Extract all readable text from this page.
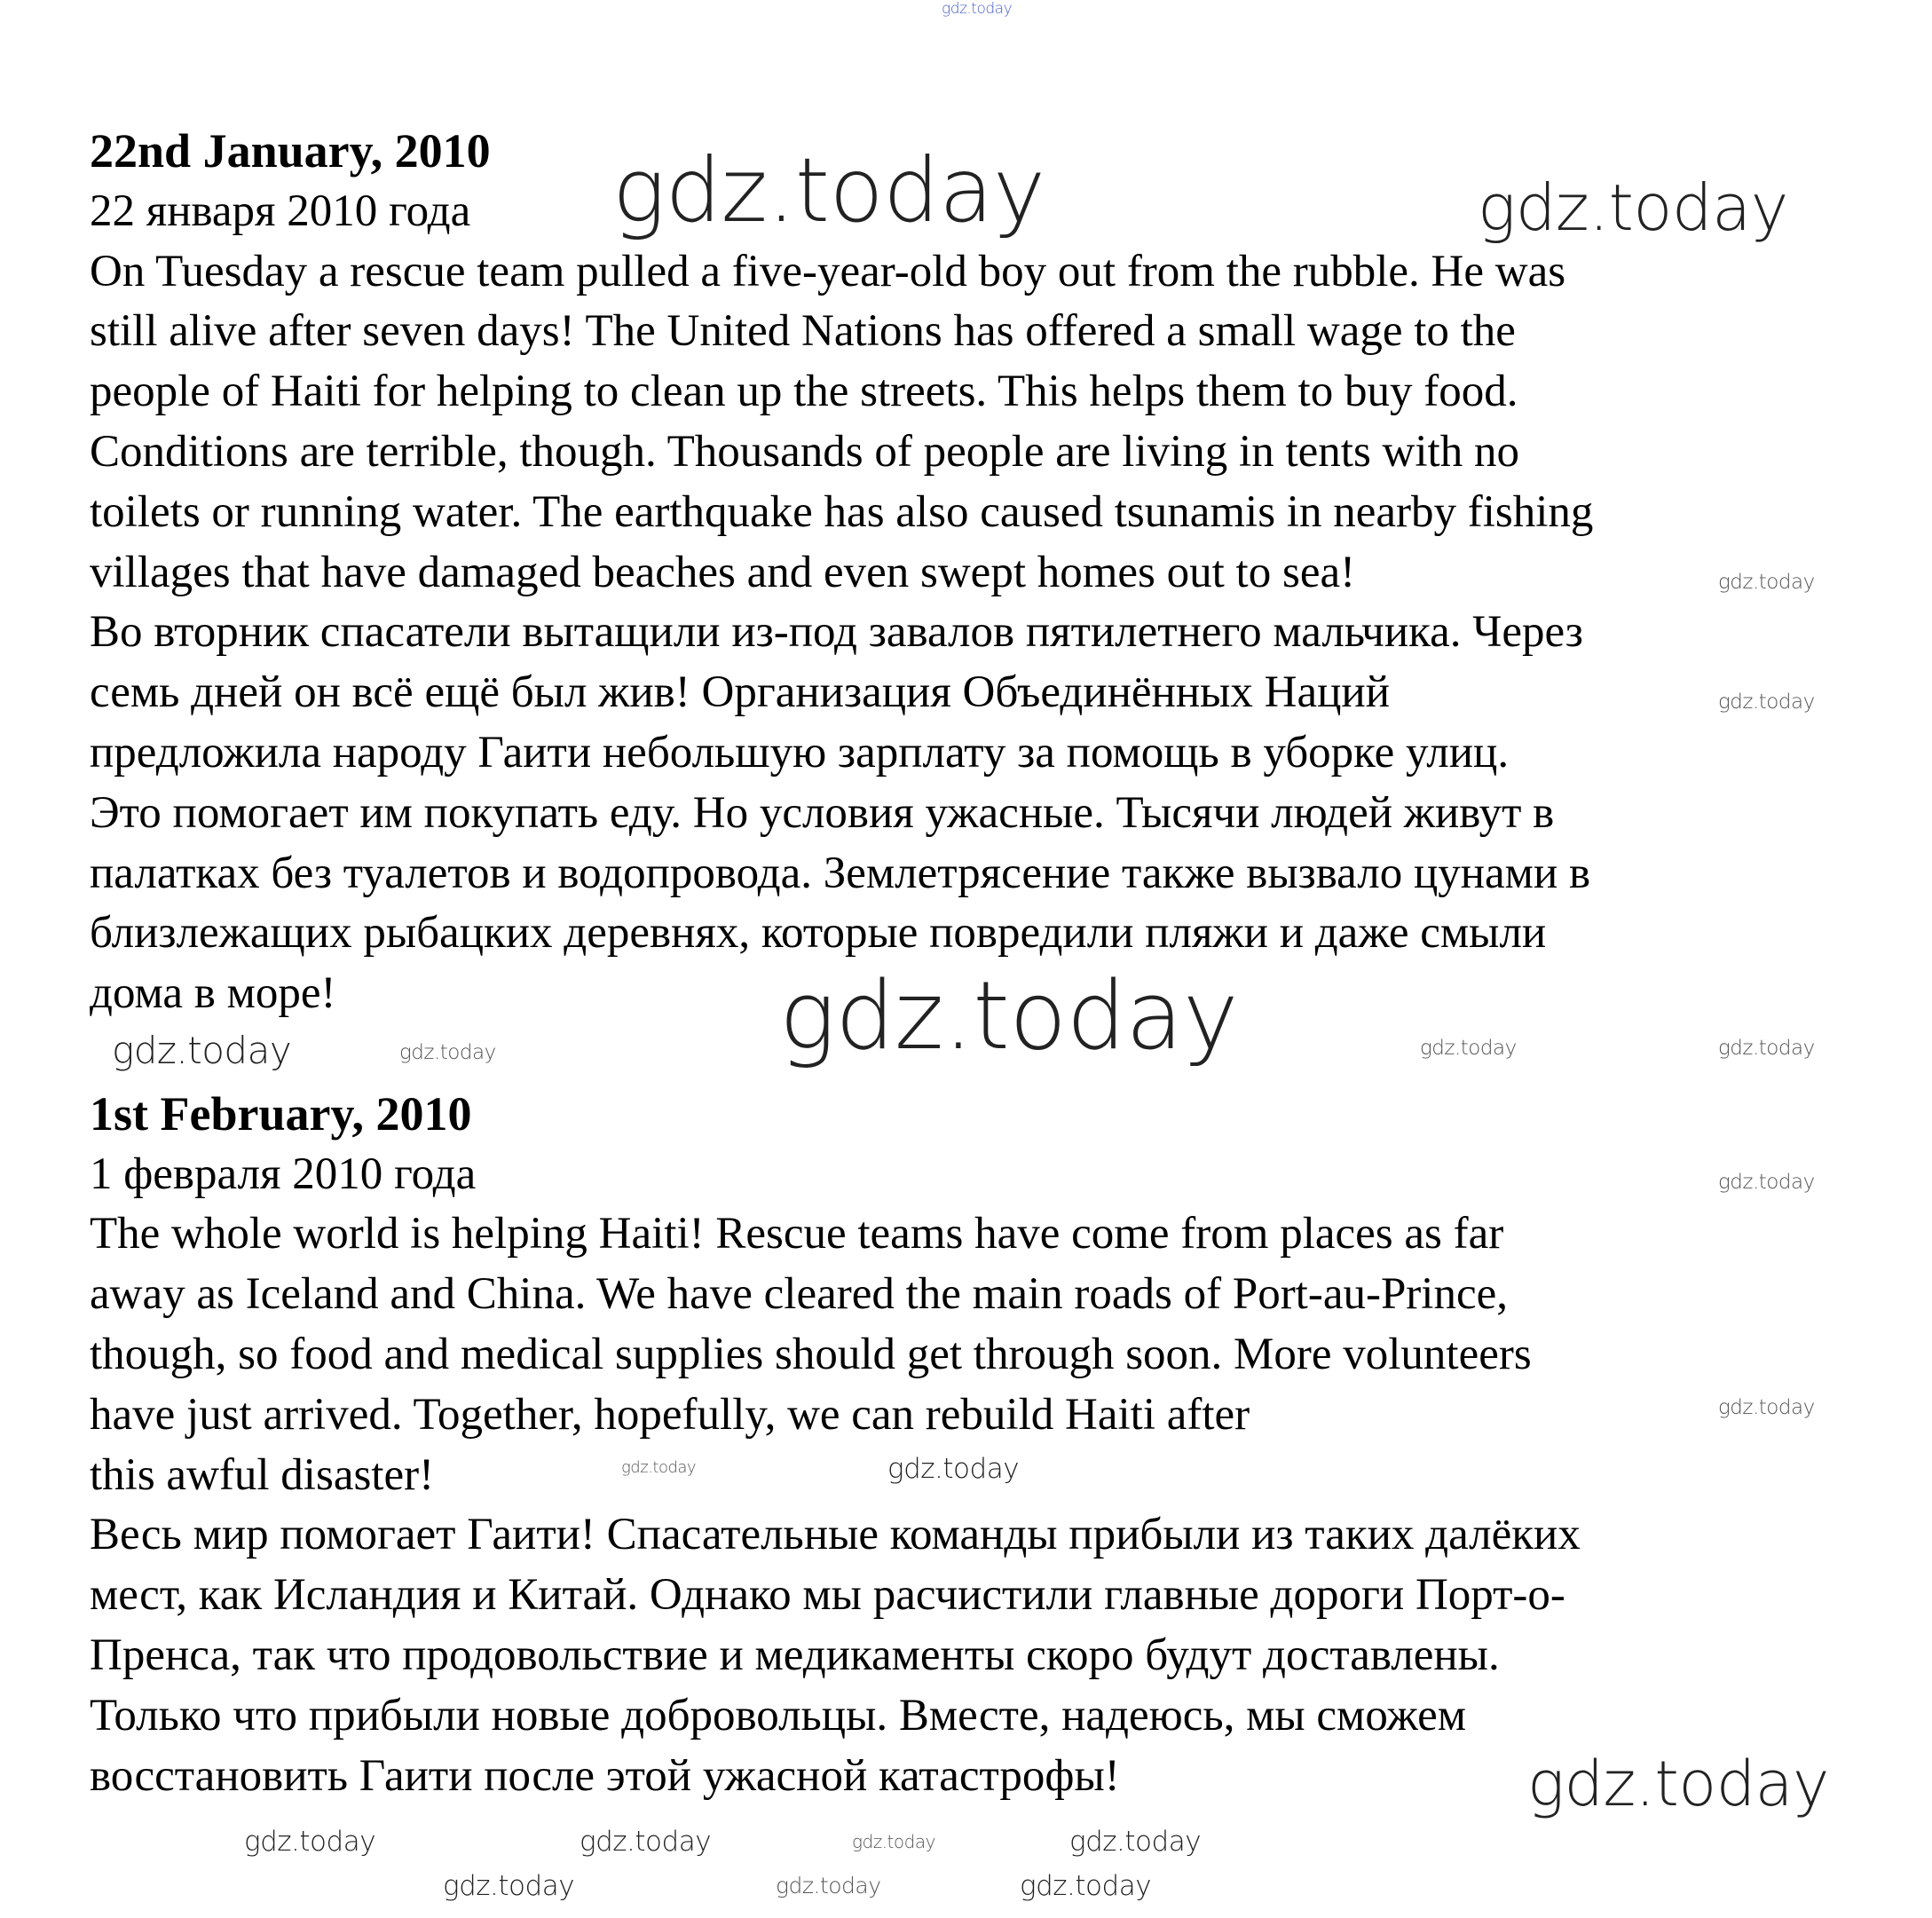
22nd January, 2010
22 января 2010 года
On Tuesday a rescue team pulled a five-year-old boy out from the rubble. He was
still alive after seven days! The United Nations has offered a small wage to the
people of Haiti for helping to clean up the streets. This helps them to buy food.
Conditions are terrible, though. Thousands of people are living in tents with no
toilets or running water. The earthquake has also caused tsunamis in nearby fishing
villages that have damaged beaches and even swept homes out to sea!
Во вторник спасатели вытащили из-под завалов пятилетнего мальчика. Через
семь дней он всё ещё был жив! Организация Объединённых Наций
предложила народу Гаити небольшую зарплату за помощь в уборке улиц.
Это помогает им покупать еду. Но условия ужасные. Тысячи людей живут в
палатках без туалетов и водопровода. Землетрясение также вызвало цунами в
близлежащих рыбацких деревнях, которые повредили пляжи и даже смыли
дома в море!
1st February, 2010
1 февраля 2010 года
The whole world is helping Haiti! Rescue teams have come from places as far
away as Iceland and China. We have cleared the main roads of Port-au-Prince,
though, so food and medical supplies should get through soon. More volunteers
have just arrived. Together, hopefully, we can rebuild Haiti after
this awful disaster!
Весь мир помогает Гаити! Спасательные команды прибыли из таких далёких
мест, как Исландия и Китай. Однако мы расчистили главные дороги Порт-о-
Пренса, так что продовольствие и медикаменты скоро будут доставлены.
Только что прибыли новые добровольцы. Вместе, надеюсь, мы сможем
восстановить Гаити после этой ужасной катастрофы!
gdz.today
gdz.today	gdz.today
gdz.today
gdz.today
gdz.today	gdz.today
gdz.today	gdz.today
gdz.today
gdz.today
gdz.today
gdz.today
gdz.today
gdz.today	gdz.today	gdz.today
gdz.today	gdz.today	gdz.today	gdz.today
gdz.today
